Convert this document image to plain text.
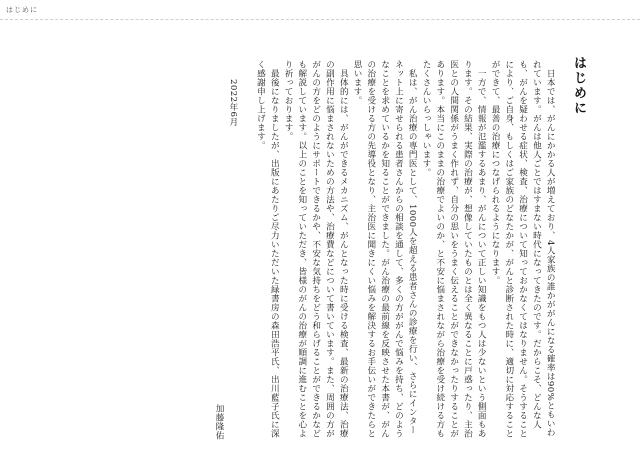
はじめに
はじめに

日本では、がんにかかる人が増えており、4人家族の誰かががんになる確率は90%ともいわれています。がんは他人ごとではすまない時代になってきたのです。だからこそ、どんな人も、がんを疑わせる症状、検査、治療について知っておかなくてはなりません。そうすることにより、ご自身、もしくはご家族のどなたかが、がんと診断された時に、適切に対応することができて、最善の治療につなげられるようになります。

一方で、情報が氾濫するあまり、がんについて正しい知識をもつ人は少ないという側面もあります。その結果、実際の治療が、想像していたものとは全く異なることに戸惑ったり、主治医との人間関係がうまく作れず、自分の思いをうまく伝えることができなかったりすることがあります。本当にこのままの治療でよいのか、と不安に悩まされながら治療を受け続ける方もたくさんいらっしゃいます。

私は、がん治療の専門医として、1000人を超える患者さんの診療を行い、さらにインターネット上に寄せられる患者さんからの相談を通して、多くの方ががんで悩みを持ち、どのようなことを求めているかを知ることができました。がん治療の最前線を反映させた本書が、がんの治療を受ける方の先導役となり、主治医に聞きにくい悩みを解決するお手伝いができたらと思います。

具体的には、がんができるメカニズム、がんとなった時に受ける検査、最新の治療法、治療の副作用に悩まされないための方法や、治療費などについて書いています。また、周囲の方ががんの方をどのようにサポートできるかや、不安な気持ちをどう和らげることができるかなども解説しています。以上のことを知っていただき、皆様のがんの治療が順調に進むことを心より祈っております。

最後になりましたが、出版にあたりご尽力いただいた緑書房の森田浩平氏、出川藍子氏に深く感謝申し上げます。

2022年6月

加藤隆佑
